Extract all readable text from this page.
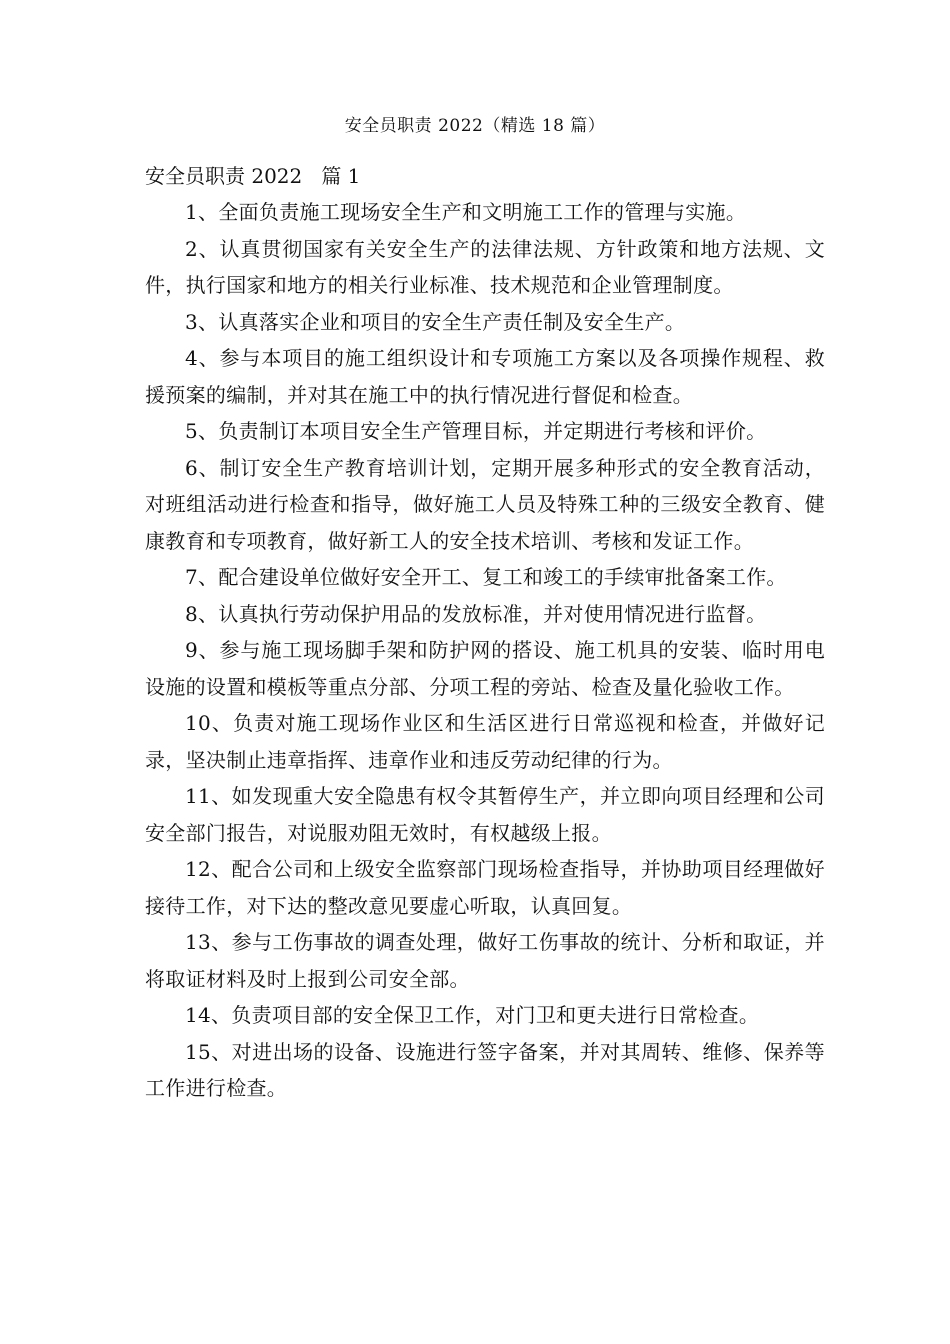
安全员职责 2022（精选 18 篇）

安全员职责 2022   篇 1

1、全面负责施工现场安全生产和文明施工工作的管理与实施。

2、认真贯彻国家有关安全生产的法律法规、方针政策和地方法规、文件，执行国家和地方的相关行业标准、技术规范和企业管理制度。

3、认真落实企业和项目的安全生产责任制及安全生产。

4、参与本项目的施工组织设计和专项施工方案以及各项操作规程、救援预案的编制，并对其在施工中的执行情况进行督促和检查。

5、负责制订本项目安全生产管理目标，并定期进行考核和评价。

6、制订安全生产教育培训计划，定期开展多种形式的安全教育活动，对班组活动进行检查和指导，做好施工人员及特殊工种的三级安全教育、健康教育和专项教育，做好新工人的安全技术培训、考核和发证工作。

7、配合建设单位做好安全开工、复工和竣工的手续审批备案工作。

8、认真执行劳动保护用品的发放标准，并对使用情况进行监督。

9、参与施工现场脚手架和防护网的搭设、施工机具的安装、临时用电设施的设置和模板等重点分部、分项工程的旁站、检查及量化验收工作。

10、负责对施工现场作业区和生活区进行日常巡视和检查，并做好记录，坚决制止违章指挥、违章作业和违反劳动纪律的行为。

11、如发现重大安全隐患有权令其暂停生产，并立即向项目经理和公司安全部门报告，对说服劝阻无效时，有权越级上报。

12、配合公司和上级安全监察部门现场检查指导，并协助项目经理做好接待工作，对下达的整改意见要虚心听取，认真回复。

13、参与工伤事故的调查处理，做好工伤事故的统计、分析和取证，并将取证材料及时上报到公司安全部。

14、负责项目部的安全保卫工作，对门卫和更夫进行日常检查。

15、对进出场的设备、设施进行签字备案，并对其周转、维修、保养等工作进行检查。
